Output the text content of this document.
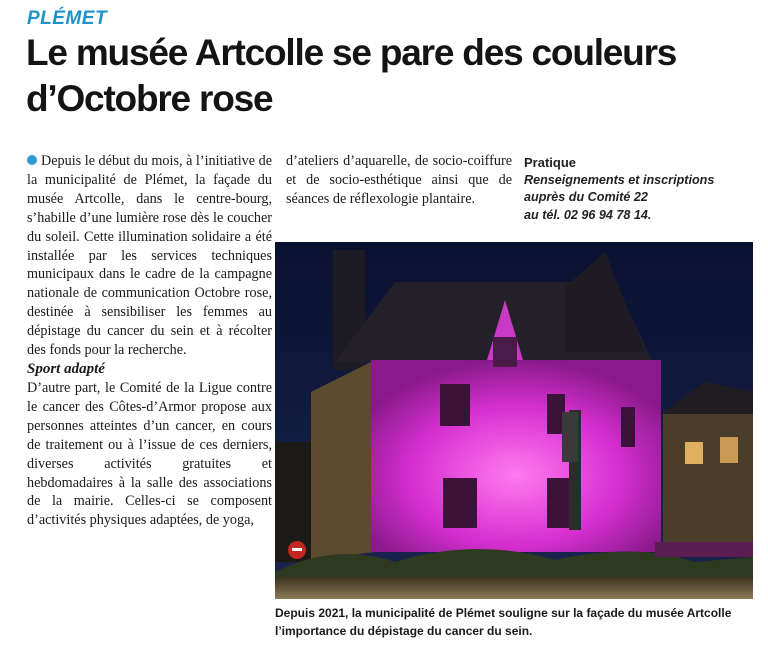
PLÉMET
Le musée Artcolle se pare des couleurs d’Octobre rose

Depuis le début du mois, à l’initiative de la municipalité de Plémet, la façade du musée Artcolle, dans le centre-bourg, s’habille d’une lumière rose dès le coucher du soleil. Cette illumination solidaire a été installée par les services techniques municipaux dans le cadre de la campagne nationale de communication Octobre rose, destinée à sensibiliser les femmes au dépistage du cancer du sein et à récolter des fonds pour la recherche.

Sport adapté

D’autre part, le Comité de la Ligue contre le cancer des Côtes-d’Armor propose aux personnes atteintes d’un cancer, en cours de traitement ou à l’issue de ces derniers, diverses activités gratuites et hebdomadaires à la salle des associations de la mairie. Celles-ci se composent d’activités physiques adaptées, de yoga,

d’ateliers d’aquarelle, de socio-coiffure et de socio-esthétique ainsi que de séances de réflexologie plantaire.

Pratique
Renseignements et inscriptions
auprès du Comité 22
au tél. 02 96 94 78 14.
Depuis 2021, la municipalité de Plémet souligne sur la façade du musée Artcolle l’importance du dépistage du cancer du sein.
